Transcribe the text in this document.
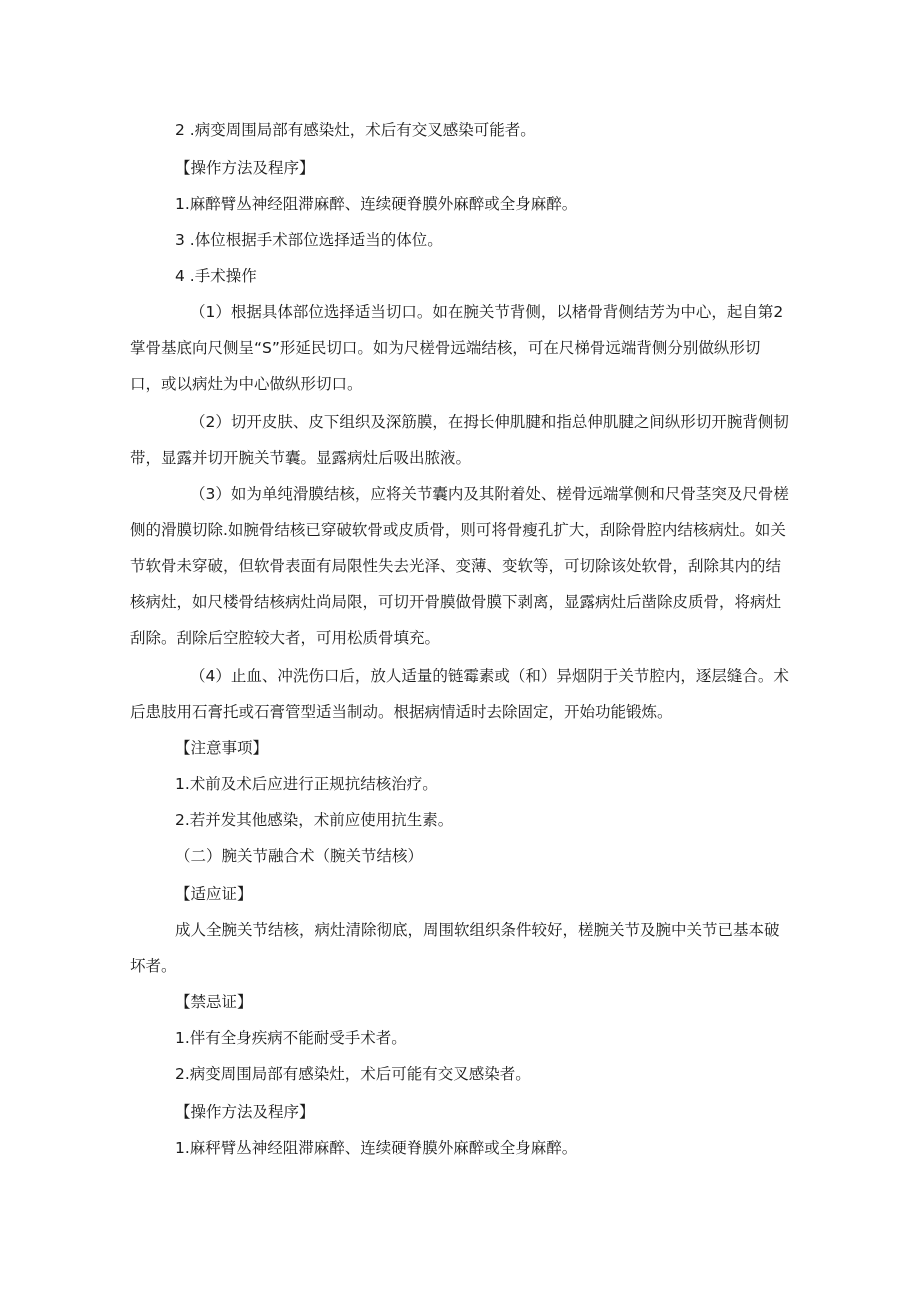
2 .病变周围局部有感染灶，术后有交叉感染可能者。

【操作方法及程序】

1.麻醉臂丛神经阻滞麻醉、连续硬脊膜外麻醉或全身麻醉。

3 .体位根据手术部位选择适当的体位。

4 .手术操作

（1）根据具体部位选择适当切口。如在腕关节背侧，以楮骨背侧结芳为中心，起自第2掌骨基底向尺侧呈“S”形延民切口。如为尺槎骨远端结核，可在尺梯骨远端背侧分别做纵形切口，或以病灶为中心做纵形切口。

（2）切开皮肤、皮下组织及深筋膜，在拇长伸肌腱和指总伸肌腱之间纵形切开腕背侧韧带，显露并切开腕关节囊。显露病灶后吸出脓液。

（3）如为单纯滑膜结核，应将关节囊内及其附着处、槎骨远端掌侧和尺骨茎突及尺骨槎侧的滑膜切除.如腕骨结核已穿破软骨或皮质骨，则可将骨瘦孔扩大，刮除骨腔内结核病灶。如关节软骨未穿破，但软骨表面有局限性失去光泽、变薄、变软等，可切除该处软骨，刮除其内的结核病灶，如尺楼骨结核病灶尚局限，可切开骨膜做骨膜下剥离，显露病灶后凿除皮质骨，将病灶刮除。刮除后空腔较大者，可用松质骨填充。

（4）止血、冲洗伤口后，放人适量的链霉素或（和）异烟阴于关节腔内，逐层缝合。术后患肢用石膏托或石膏管型适当制动。根据病情适时去除固定，开始功能锻炼。

【注意事项】

1.术前及术后应进行正规抗结核治疗。

2.若并发其他感染，术前应使用抗生素。

（二）腕关节融合术（腕关节结核）

【适应证】

成人全腕关节结核，病灶清除彻底，周围软组织条件较好，槎腕关节及腕中关节已基本破坏者。

【禁忌证】

1.伴有全身疾病不能耐受手术者。

2.病变周围局部有感染灶，术后可能有交叉感染者。

【操作方法及程序】

1.麻秤臂丛神经阻滞麻醉、连续硬脊膜外麻醉或全身麻醉。
